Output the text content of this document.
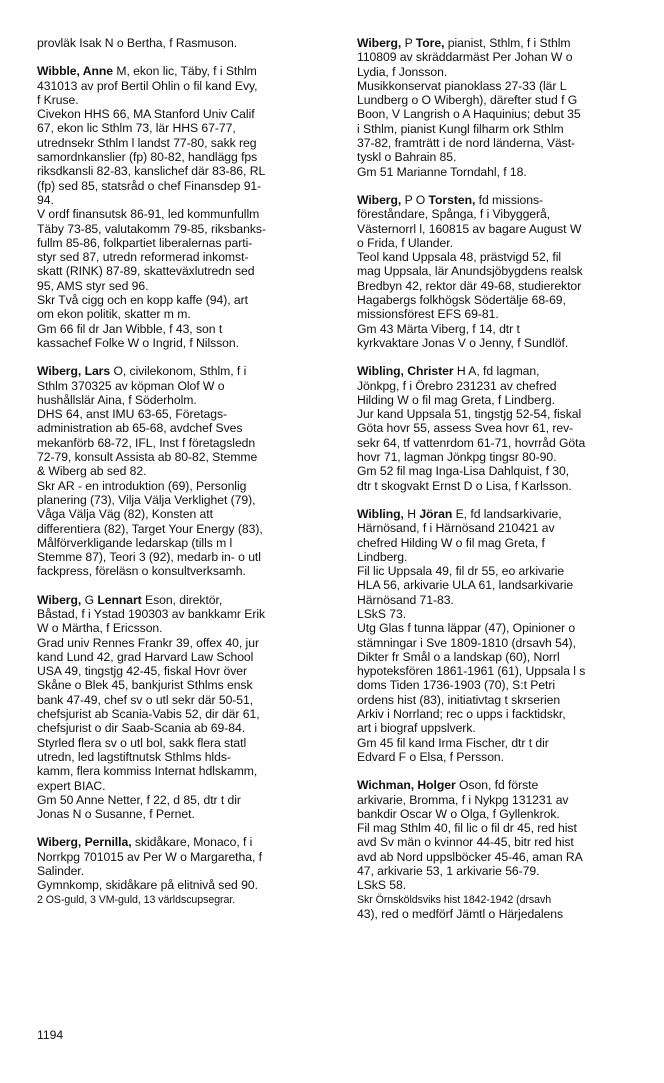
provläk Isak N o Bertha, f Rasmuson.
Wibble, Anne M, ekon lic, Täby, f i Sthlm
431013 av prof Bertil Ohlin o fil kand Evy,
f Kruse.
Civekon HHS 66, MA Stanford Univ Calif
67, ekon lic Sthlm 73, lär HHS 67-77,
utrednsekr Sthlm l landst 77-80, sakk reg
samordnkanslier (fp) 80-82, handlägg fps
riksdkansli 82-83, kanslichef där 83-86, RL
(fp) sed 85, statsråd o chef Finansdep 91-
94.
V ordf finansutsk 86-91, led kommunfullm
Täby 73-85, valutakomm 79-85, riksbanks-
fullm 85-86, folkpartiet liberalernas parti-
styr sed 87, utredn reformerad inkomst-
skatt (RINK) 87-89, skatteväxlutredn sed
95, AMS styr sed 96.
Skr Två cigg och en kopp kaffe (94), art
om ekon politik, skatter m m.
Gm 66 fil dr Jan Wibble, f 43, son t
kassachef Folke W o Ingrid, f Nilsson.
Wiberg, Lars O, civilekonom, Sthlm, f i
Sthlm 370325 av köpman Olof W o
hushållslär Aina, f Söderholm.
DHS 64, anst IMU 63-65, Företags-
administration ab 65-68, avdchef Sves
mekanförb 68-72, IFL, Inst f företagsledn
72-79, konsult Assista ab 80-82, Stemme
& Wiberg ab sed 82.
Skr AR - en introduktion (69), Personlig
planering (73), Vilja Välja Verklighet (79),
Våga Välja Väg (82), Konsten att
differentiera (82), Target Your Energy (83),
Målförverkligande ledarskap (tills m l
Stemme 87), Teori 3 (92), medarb in- o utl
fackpress, föreläsn o konsultverksamh.
Wiberg, G Lennart Eson, direktör,
Båstad, f i Ystad 190303 av bankkamr Erik
W o Märtha, f Ericsson.
Grad univ Rennes Frankr 39, offex 40, jur
kand Lund 42, grad Harvard Law School
USA 49, tingstjg 42-45, fiskal Hovr över
Skåne o Blek 45, bankjurist Sthlms ensk
bank 47-49, chef sv o utl sekr där 50-51,
chefsjurist ab Scania-Vabis 52, dir där 61,
chefsjurist o dir Saab-Scania ab 69-84.
Styrled flera sv o utl bol, sakk flera statl
utredn, led lagstiftnutsk Sthlms hlds-
kamm, flera kommiss Internat hdlskamm,
expert BIAC.
Gm 50 Anne Netter, f 22, d 85, dtr t dir
Jonas N o Susanne, f Pernet.
Wiberg, Pernilla, skidåkare, Monaco, f i
Norrkpg 701015 av Per W o Margaretha, f
Salinder.
Gymnkomp, skidåkare på elitnivå sed 90.
2 OS-guld, 3 VM-guld, 13 världscupsegrar.
Wiberg, P Tore, pianist, Sthlm, f i Sthlm
110809 av skräddarmäst Per Johan W o
Lydia, f Jonsson.
Musikkonservat pianoklass 27-33 (lär L
Lundberg o O Wibergh), därefter stud f G
Boon, V Langrish o A Haquinius; debut 35
i Sthlm, pianist Kungl filharm ork Sthlm
37-82, framträtt i de nord länderna, Väst-
tyskl o Bahrain 85.
Gm 51 Marianne Torndahl, f 18.
Wiberg, P O Torsten, fd missions-
föreståndare, Spånga, f i Vibyggerå,
Västernorrl l, 160815 av bagare August W
o Frida, f Ulander.
Teol kand Uppsala 48, prästvigd 52, fil
mag Uppsala, lär Anundsjöbygdens realsk
Bredbyn 42, rektor där 49-68, studierektor
Hagabergs folkhögsk Södertälje 68-69,
missionsförest EFS 69-81.
Gm 43 Märta Viberg, f 14, dtr t
kyrkvaktare Jonas V o Jenny, f Sundlöf.
Wibling, Christer H A, fd lagman,
Jönkpg, f i Örebro 231231 av chefred
Hilding W o fil mag Greta, f Lindberg.
Jur kand Uppsala 51, tingstjg 52-54, fiskal
Göta hovr 55, assess Svea hovr 61, rev-
sekr 64, tf vattenrdom 61-71, hovrråd Göta
hovr 71, lagman Jönkpg tingsr 80-90.
Gm 52 fil mag Inga-Lisa Dahlquist, f 30,
dtr t skogvakt Ernst D o Lisa, f Karlsson.
Wibling, H Jöran E, fd landsarkivarie,
Härnösand, f i Härnösand 210421 av
chefred Hilding W o fil mag Greta, f
Lindberg.
Fil lic Uppsala 49, fil dr 55, eo arkivarie
HLA 56, arkivarie ULA 61, landsarkivarie
Härnösand 71-83.
LSkS 73.
Utg Glas f tunna läppar (47), Opinioner o
stämningar i Sve 1809-1810 (drsavh 54),
Dikter fr Smål o a landskap (60), Norrl
hypoteksfören 1861-1961 (61), Uppsala l s
doms Tiden 1736-1903 (70), S:t Petri
ordens hist (83), initiativtag t skrserien
Arkiv i Norrland; rec o upps i facktidskr,
art i biograf uppslverk.
Gm 45 fil kand Irma Fischer, dtr t dir
Edvard F o Elsa, f Persson.
Wichman, Holger Oson, fd förste
arkivarie, Bromma, f i Nykpg 131231 av
bankdir Oscar W o Olga, f Gyllenkrok.
Fil mag Sthlm 40, fil lic o fil dr 45, red hist
avd Sv män o kvinnor 44-45, bitr red hist
avd ab Nord uppslböcker 45-46, aman RA
47, arkivarie 53, 1 arkivarie 56-79.
LSkS 58.
Skr Örnsköldsviks hist 1842-1942 (drsavh
43), red o medförf Jämtl o Härjedalens
1194
